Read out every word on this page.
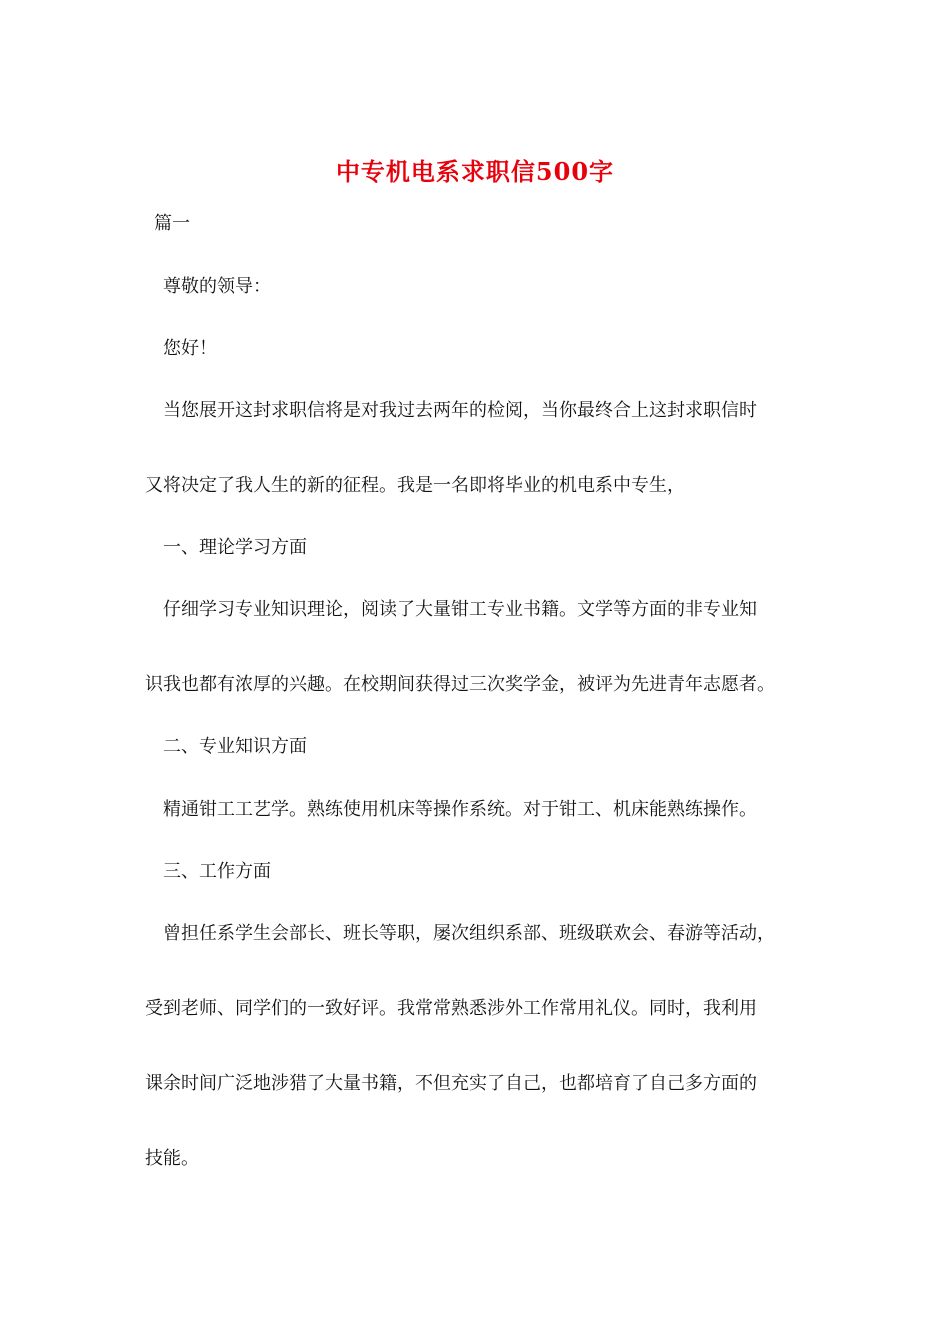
中专机电系求职信500字
篇一
尊敬的领导：
您好！
当您展开这封求职信将是对我过去两年的检阅，当你最终合上这封求职信时
又将决定了我人生的新的征程。我是一名即将毕业的机电系中专生，
一、理论学习方面
仔细学习专业知识理论，阅读了大量钳工专业书籍。文学等方面的非专业知
识我也都有浓厚的兴趣。在校期间获得过三次奖学金，被评为先进青年志愿者。
二、专业知识方面
精通钳工工艺学。熟练使用机床等操作系统。对于钳工、机床能熟练操作。
三、工作方面
曾担任系学生会部长、班长等职，屡次组织系部、班级联欢会、春游等活动，
受到老师、同学们的一致好评。我常常熟悉涉外工作常用礼仪。同时，我利用
课余时间广泛地涉猎了大量书籍，不但充实了自己，也都培育了自己多方面的
技能。
